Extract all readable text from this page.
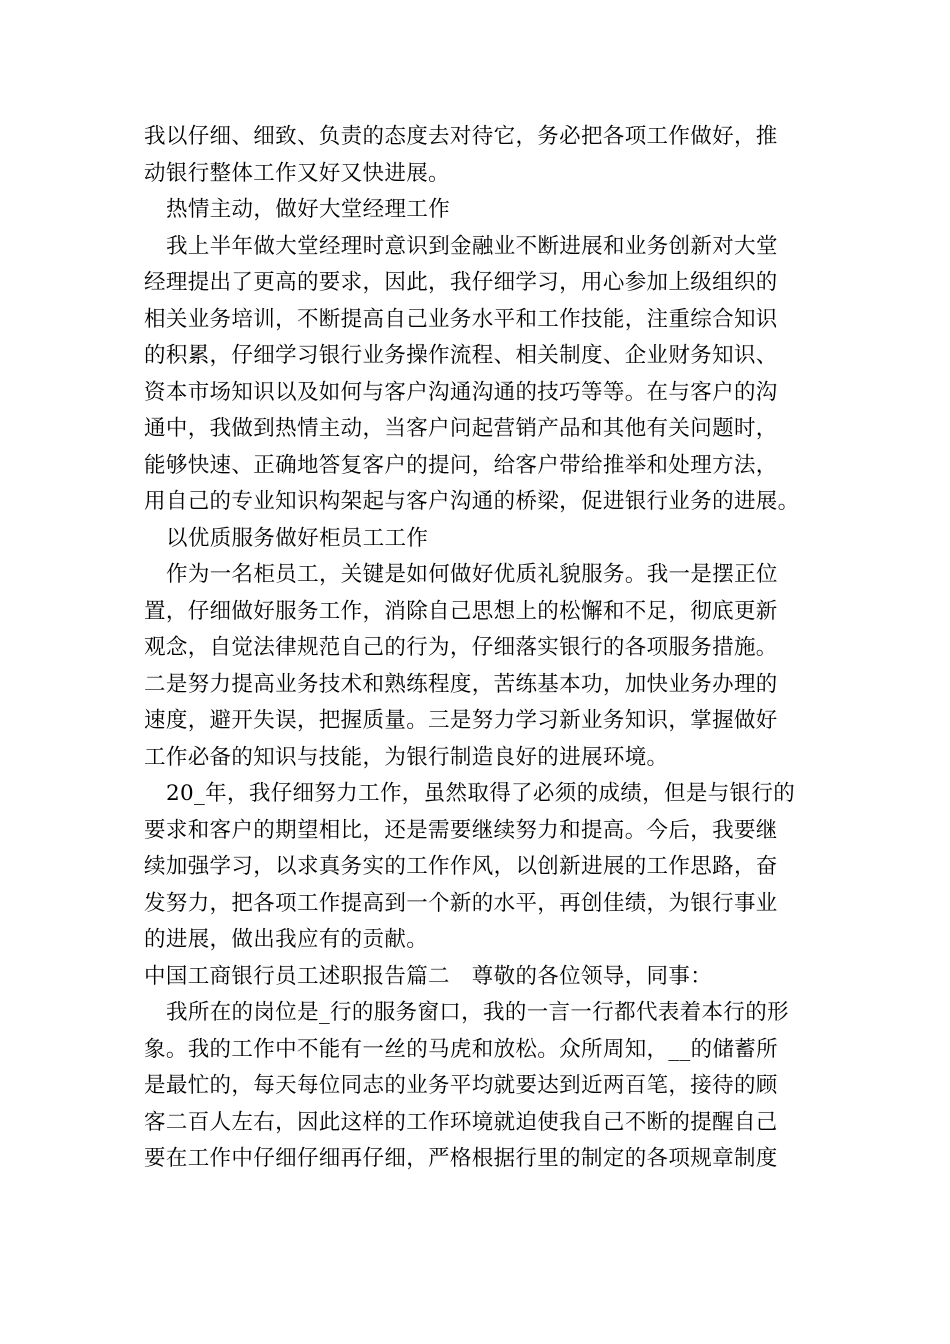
我以仔细、细致、负责的态度去对待它，务必把各项工作做好，推
动银行整体工作又好又快进展。
热情主动，做好大堂经理工作
我上半年做大堂经理时意识到金融业不断进展和业务创新对大堂
经理提出了更高的要求，因此，我仔细学习，用心参加上级组织的
相关业务培训，不断提高自己业务水平和工作技能，注重综合知识
的积累，仔细学习银行业务操作流程、相关制度、企业财务知识、
资本市场知识以及如何与客户沟通沟通的技巧等等。在与客户的沟
通中，我做到热情主动，当客户问起营销产品和其他有关问题时，
能够快速、正确地答复客户的提问，给客户带给推举和处理方法，
用自己的专业知识构架起与客户沟通的桥梁，促进银行业务的进展。
以优质服务做好柜员工工作
作为一名柜员工，关键是如何做好优质礼貌服务。我一是摆正位
置，仔细做好服务工作，消除自己思想上的松懈和不足，彻底更新
观念，自觉法律规范自己的行为，仔细落实银行的各项服务措施。
二是努力提高业务技术和熟练程度，苦练基本功，加快业务办理的
速度，避开失误，把握质量。三是努力学习新业务知识，掌握做好
工作必备的知识与技能，为银行制造良好的进展环境。
20_年，我仔细努力工作，虽然取得了必须的成绩，但是与银行的
要求和客户的期望相比，还是需要继续努力和提高。今后，我要继
续加强学习，以求真务实的工作作风，以创新进展的工作思路，奋
发努力，把各项工作提高到一个新的水平，再创佳绩，为银行事业
的进展，做出我应有的贡献。
中国工商银行员工述职报告篇二　尊敬的各位领导，同事：
我所在的岗位是_行的服务窗口，我的一言一行都代表着本行的形
象。我的工作中不能有一丝的马虎和放松。众所周知，__的储蓄所
是最忙的，每天每位同志的业务平均就要达到近两百笔，接待的顾
客二百人左右，因此这样的工作环境就迫使我自己不断的提醒自己
要在工作中仔细仔细再仔细，严格根据行里的制定的各项规章制度
